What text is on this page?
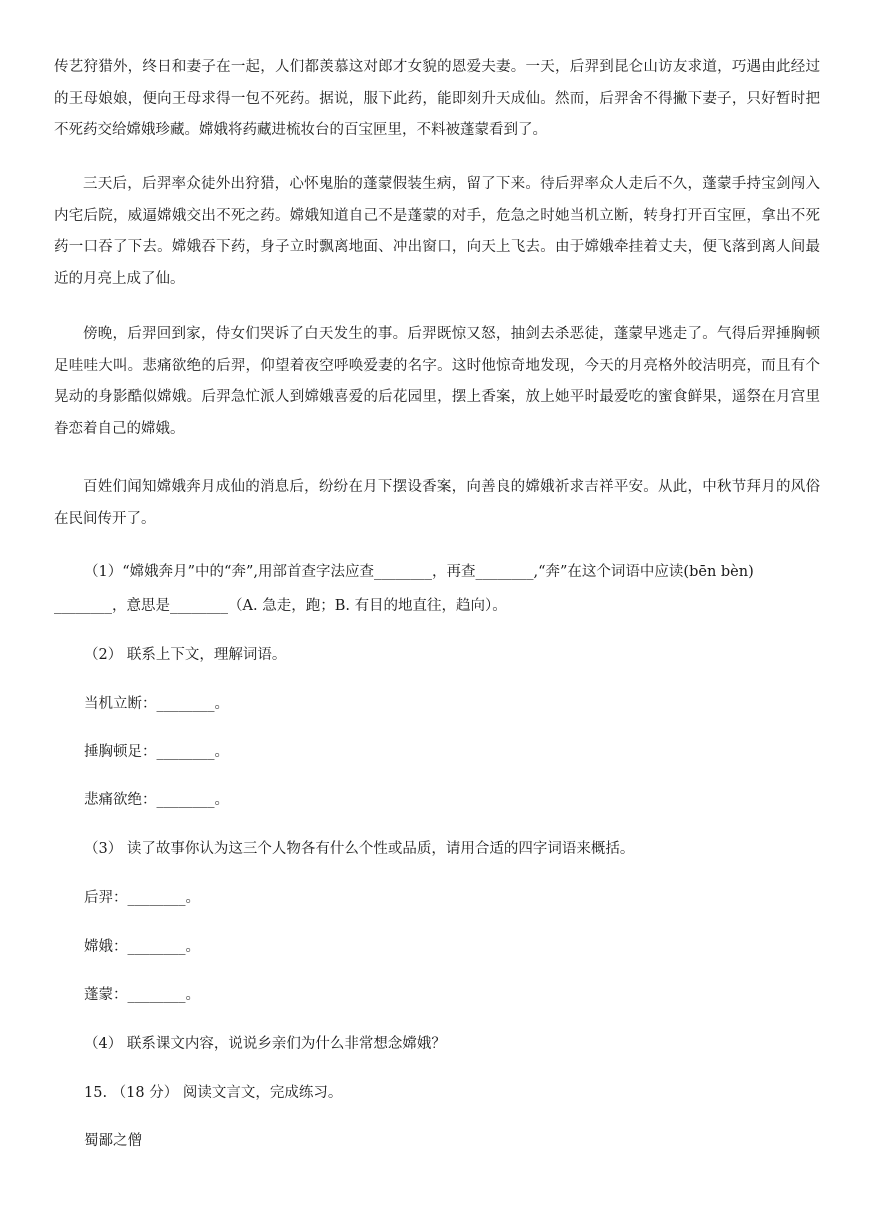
传艺狩猎外，终日和妻子在一起，人们都羡慕这对郎才女貌的恩爱夫妻。一天，后羿到昆仑山访友求道，巧遇由此经过的王母娘娘，便向王母求得一包不死药。据说，服下此药，能即刻升天成仙。然而，后羿舍不得撇下妻子，只好暂时把不死药交给嫦娥珍藏。嫦娥将药藏进梳妆台的百宝匣里，不料被蓬蒙看到了。

三天后，后羿率众徒外出狩猎，心怀鬼胎的蓬蒙假装生病，留了下来。待后羿率众人走后不久，蓬蒙手持宝剑闯入内宅后院，威逼嫦娥交出不死之药。嫦娥知道自己不是蓬蒙的对手，危急之时她当机立断，转身打开百宝匣，拿出不死药一口吞了下去。嫦娥吞下药，身子立时飘离地面、冲出窗口，向天上飞去。由于嫦娥牵挂着丈夫，便飞落到离人间最近的月亮上成了仙。

傍晚，后羿回到家，侍女们哭诉了白天发生的事。后羿既惊又怒，抽剑去杀恶徒，蓬蒙早逃走了。气得后羿捶胸顿足哇哇大叫。悲痛欲绝的后羿，仰望着夜空呼唤爱妻的名字。这时他惊奇地发现，今天的月亮格外皎洁明亮，而且有个晃动的身影酷似嫦娥。后羿急忙派人到嫦娥喜爱的后花园里，摆上香案，放上她平时最爱吃的蜜食鲜果，遥祭在月宫里眷恋着自己的嫦娥。

百姓们闻知嫦娥奔月成仙的消息后，纷纷在月下摆设香案，向善良的嫦娥祈求吉祥平安。从此，中秋节拜月的风俗在民间传开了。

（1）“嫦娥奔月”中的“奔”,用部首查字法应查________，再查________,“奔”在这个词语中应读(bēn bèn)

________，意思是________（A. 急走，跑；B. 有目的地直往，趋向）。

（2） 联系上下文，理解词语。

当机立断：________。

捶胸顿足：________。

悲痛欲绝：________。

（3） 读了故事你认为这三个人物各有什么个性或品质，请用合适的四字词语来概括。

后羿：________。

嫦娥：________。

蓬蒙：________。

（4） 联系课文内容，说说乡亲们为什么非常想念嫦娥？

15. （18 分） 阅读文言文，完成练习。

蜀鄙之僧
